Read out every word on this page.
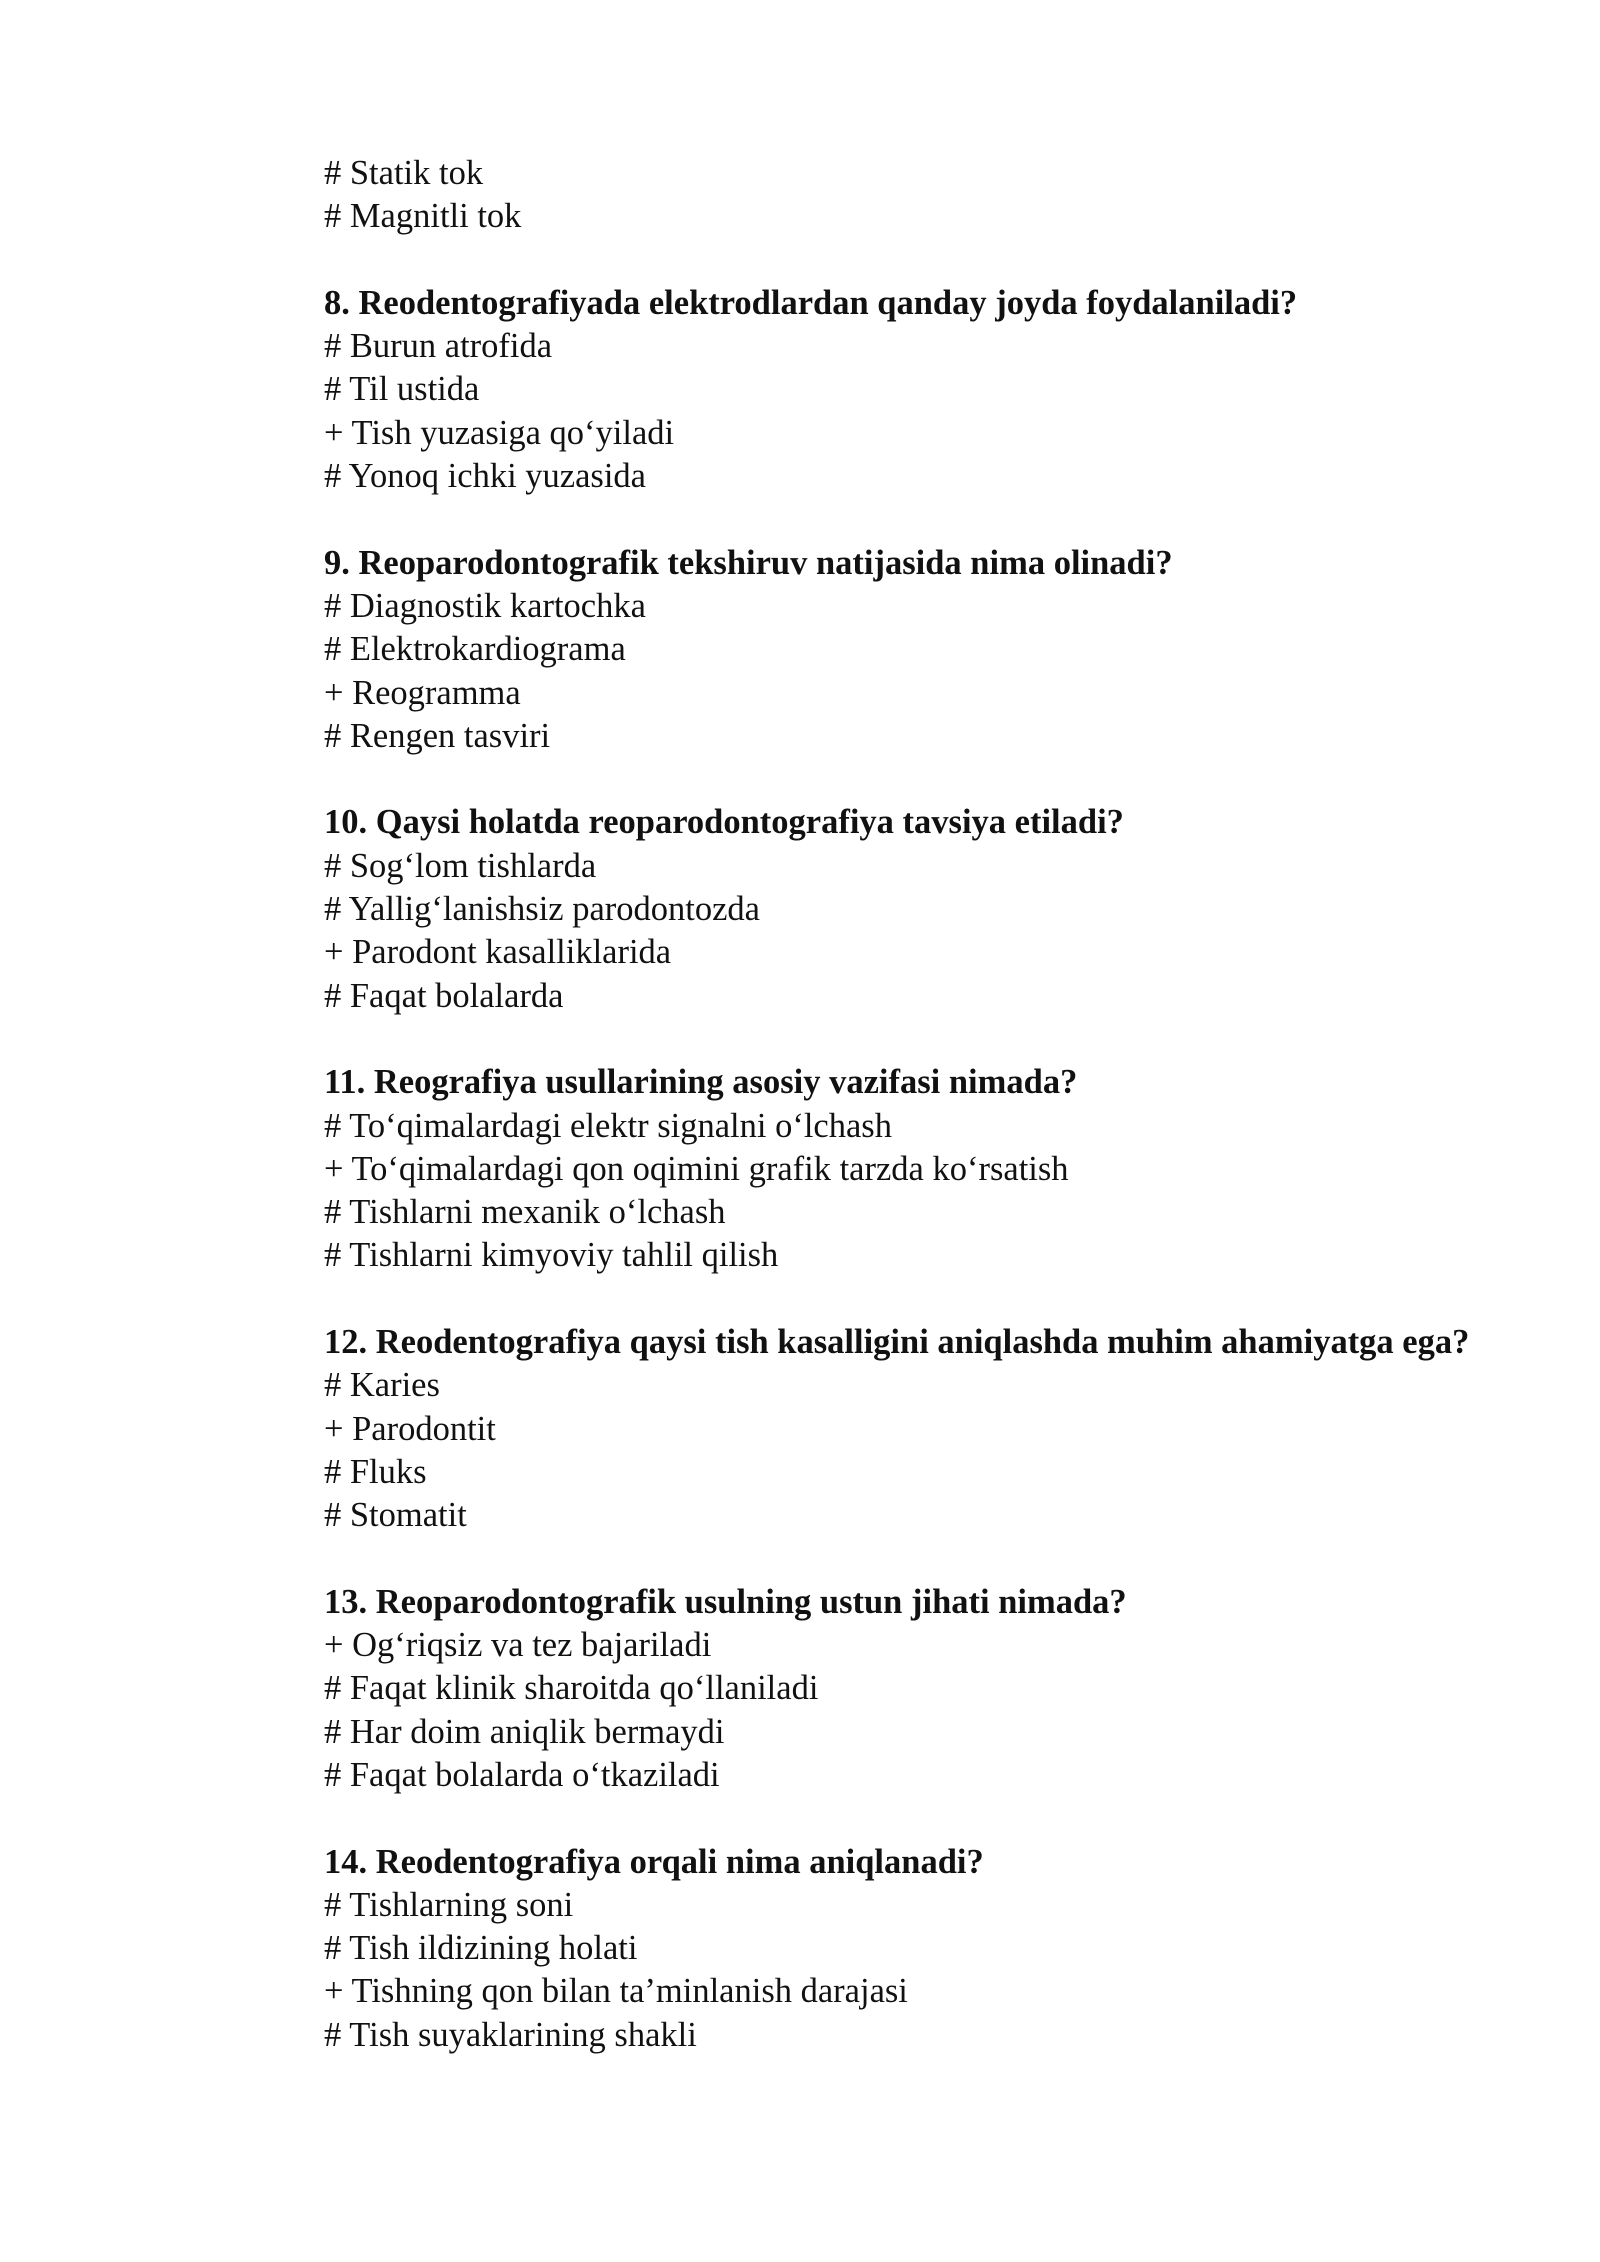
# Statik tok

# Magnitli tok

8. Reodentografiyada elektrodlardan qanday joyda foydalaniladi?

# Burun atrofida

# Til ustida

+ Tish yuzasiga qo‘yiladi

# Yonoq ichki yuzasida

9. Reoparodontografik tekshiruv natijasida nima olinadi?

# Diagnostik kartochka

# Elektrokardiograma

+ Reogramma

# Rengen tasviri

10. Qaysi holatda reoparodontografiya tavsiya etiladi?

# Sog‘lom tishlarda

# Yallig‘lanishsiz parodontozda

+ Parodont kasalliklarida

# Faqat bolalarda

11. Reografiya usullarining asosiy vazifasi nimada?

# To‘qimalardagi elektr signalni o‘lchash

+ To‘qimalardagi qon oqimini grafik tarzda ko‘rsatish

# Tishlarni mexanik o‘lchash

# Tishlarni kimyoviy tahlil qilish

12. Reodentografiya qaysi tish kasalligini aniqlashda muhim ahamiyatga ega?

# Karies

+ Parodontit

# Fluks

# Stomatit

13. Reoparodontografik usulning ustun jihati nimada?

+ Og‘riqsiz va tez bajariladi

# Faqat klinik sharoitda qo‘llaniladi

# Har doim aniqlik bermaydi

# Faqat bolalarda o‘tkaziladi

14. Reodentografiya orqali nima aniqlanadi?

# Tishlarning soni

# Tish ildizining holati

+ Tishning qon bilan ta’minlanish darajasi

# Tish suyaklarining shakli
